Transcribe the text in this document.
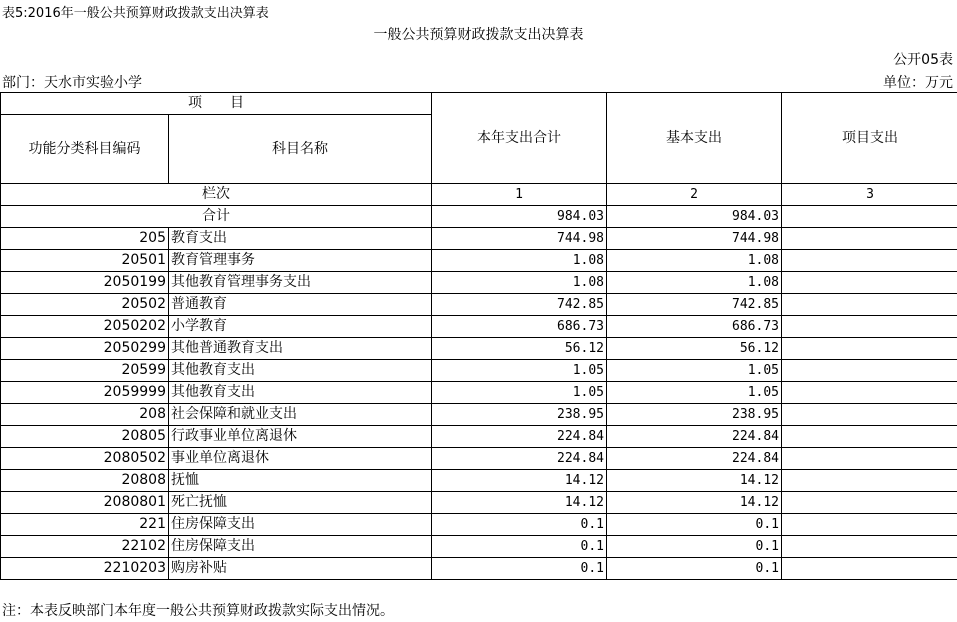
表5:2016年一般公共预算财政拨款支出决算表
一般公共预算财政拨款支出决算表
公开05表
部门：天水市实验小学	单位：万元
项　　目		本年支出合计	基本支出	项目支出
功能分类科目编码	科目名称			
栏次		1	2	3
合计		984.03	984.03	
205	教育支出	744.98	744.98	
20501	教育管理事务	1.08	1.08	
2050199	其他教育管理事务支出	1.08	1.08	
20502	普通教育	742.85	742.85	
2050202	小学教育	686.73	686.73	
2050299	其他普通教育支出	56.12	56.12	
20599	其他教育支出	1.05	1.05	
2059999	其他教育支出	1.05	1.05	
208	社会保障和就业支出	238.95	238.95	
20805	行政事业单位离退休	224.84	224.84	
2080502	事业单位离退休	224.84	224.84	
20808	抚恤	14.12	14.12	
2080801	死亡抚恤	14.12	14.12	
221	住房保障支出	0.1	0.1	
22102	住房保障支出	0.1	0.1	
2210203	购房补贴	0.1	0.1	
注：本表反映部门本年度一般公共预算财政拨款实际支出情况。
